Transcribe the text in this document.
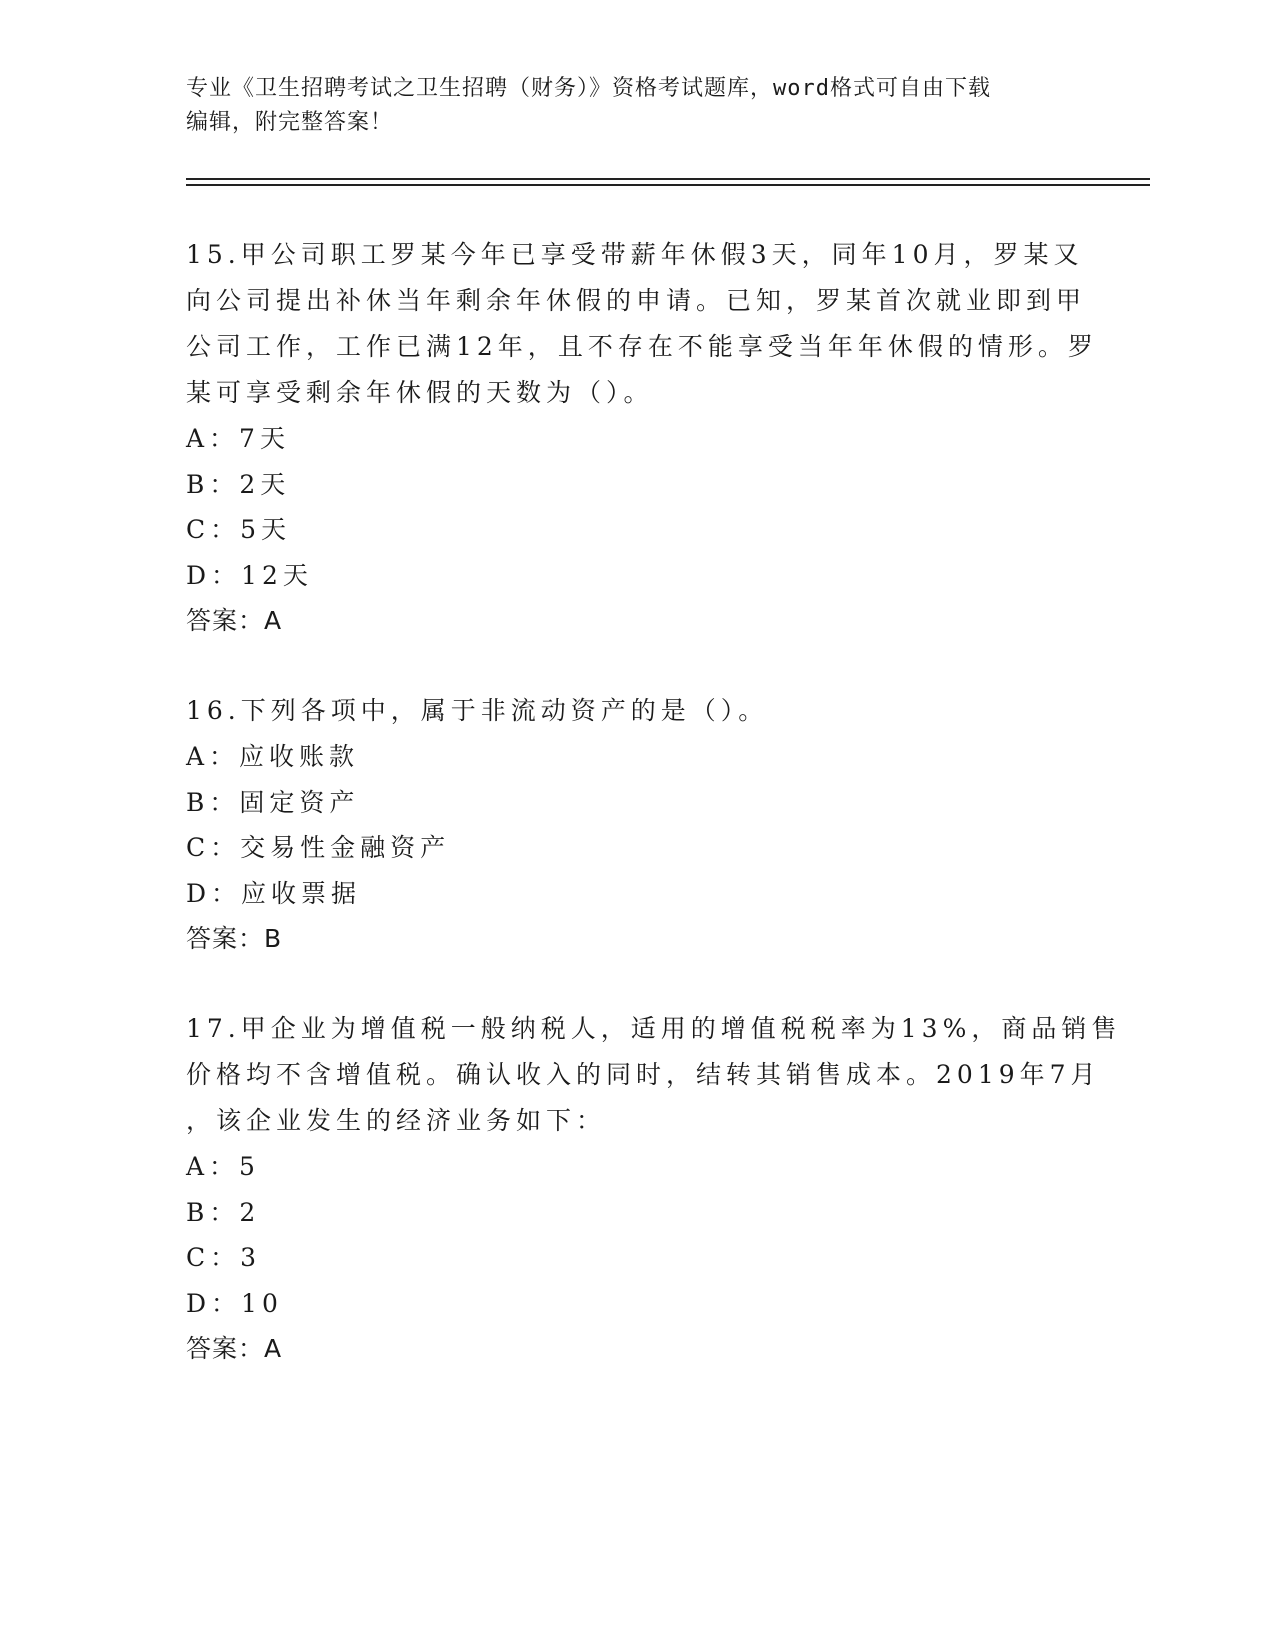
专业《卫生招聘考试之卫生招聘（财务）》资格考试题库，word格式可自由下载
编辑，附完整答案！
15.甲公司职工罗某今年已享受带薪年休假3天，同年10月，罗某又
向公司提出补休当年剩余年休假的申请。已知，罗某首次就业即到甲
公司工作，工作已满12年，且不存在不能享受当年年休假的情形。罗
某可享受剩余年休假的天数为（）。
A：7天
B：2天
C：5天
D：12天
答案：A
16.下列各项中，属于非流动资产的是（）。
A：应收账款
B：固定资产
C：交易性金融资产
D：应收票据
答案：B
17.甲企业为增值税一般纳税人，适用的增值税税率为13%，商品销售
价格均不含增值税。确认收入的同时，结转其销售成本。2019年7月
，该企业发生的经济业务如下：
A：5
B：2
C：3
D：10
答案：A
